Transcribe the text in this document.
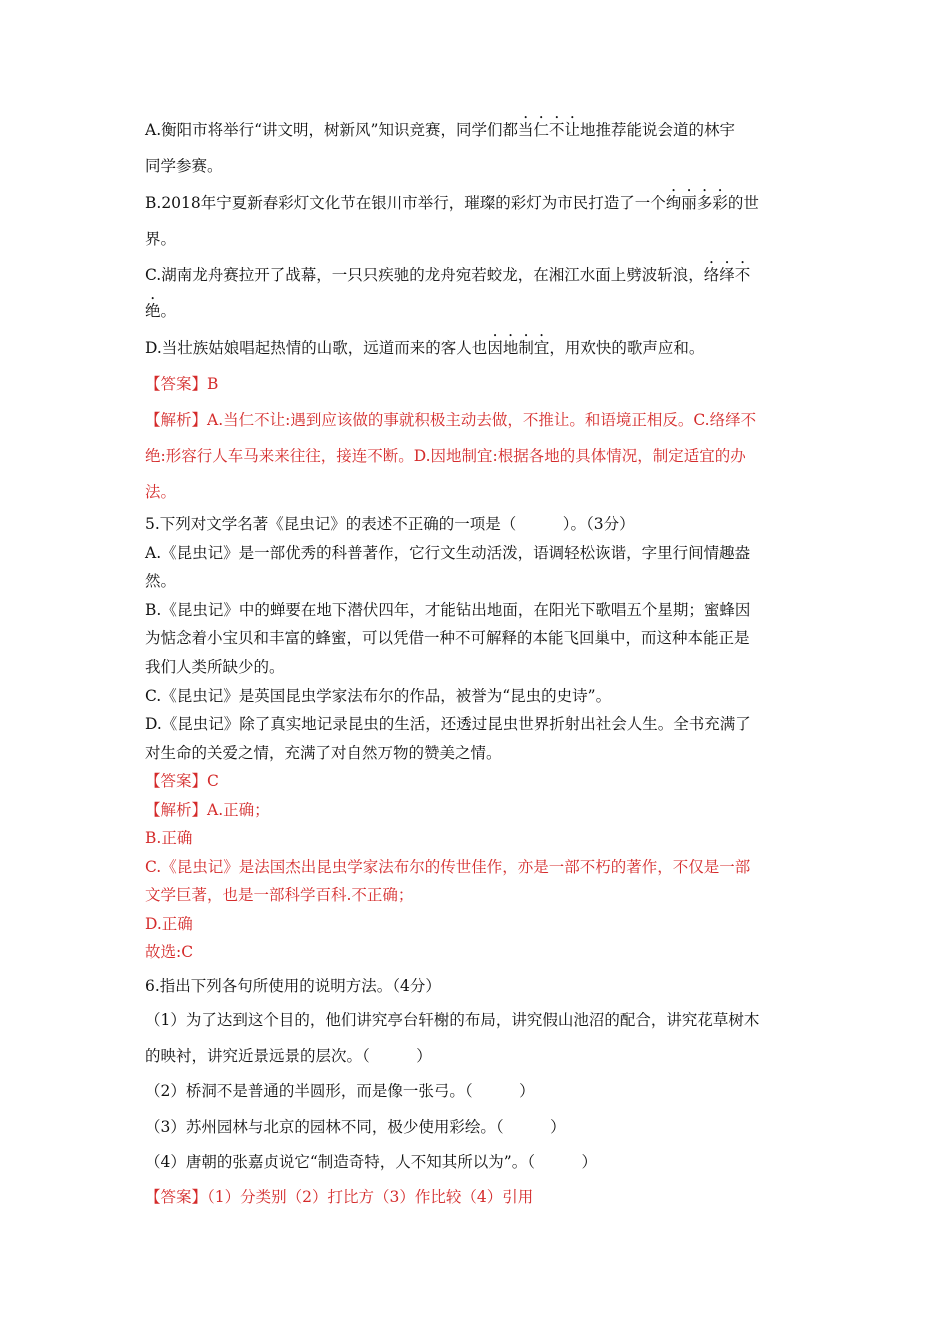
A.衡阳市将举行“讲文明，树新风”知识竞赛，同学们都当仁不让地推荐能说会道的林宇
同学参赛。
B.2018年宁夏新春彩灯文化节在银川市举行，璀璨的彩灯为市民打造了一个绚丽多彩的世
界。
C.湖南龙舟赛拉开了战幕，一只只疾驰的龙舟宛若蛟龙，在湘江水面上劈波斩浪，络绎不
绝。
D.当壮族姑娘唱起热情的山歌，远道而来的客人也因地制宜，用欢快的歌声应和。
【答案】B
【解析】A.当仁不让:遇到应该做的事就积极主动去做，不推让。和语境正相反。C.络绎不
绝:形容行人车马来来往往，接连不断。D.因地制宜:根据各地的具体情况，制定适宜的办
法。
5.下列对文学名著《昆虫记》的表述不正确的一项是（　　　）。（3分）
A.《昆虫记》是一部优秀的科普著作，它行文生动活泼，语调轻松诙谐，字里行间情趣盎
然。
B.《昆虫记》中的蝉要在地下潜伏四年，才能钻出地面，在阳光下歌唱五个星期；蜜蜂因
为惦念着小宝贝和丰富的蜂蜜，可以凭借一种不可解释的本能飞回巢中，而这种本能正是
我们人类所缺少的。
C.《昆虫记》是英国昆虫学家法布尔的作品，被誉为“昆虫的史诗”。
D.《昆虫记》除了真实地记录昆虫的生活，还透过昆虫世界折射出社会人生。全书充满了
对生命的关爱之情，充满了对自然万物的赞美之情。
【答案】C
【解析】A.正确；
B.正确
C.《昆虫记》是法国杰出昆虫学家法布尔的传世佳作，亦是一部不朽的著作，不仅是一部
文学巨著，也是一部科学百科.不正确；
D.正确
故选:C
6.指出下列各句所使用的说明方法。（4分）
（1）为了达到这个目的，他们讲究亭台轩榭的布局，讲究假山池沼的配合，讲究花草树木
的映衬，讲究近景远景的层次。（　　　）
（2）桥洞不是普通的半圆形，而是像一张弓。（　　　）
（3）苏州园林与北京的园林不同，极少使用彩绘。（　　　）
（4）唐朝的张嘉贞说它“制造奇特，人不知其所以为”。（　　　）
【答案】（1）分类别（2）打比方（3）作比较（4）引用
